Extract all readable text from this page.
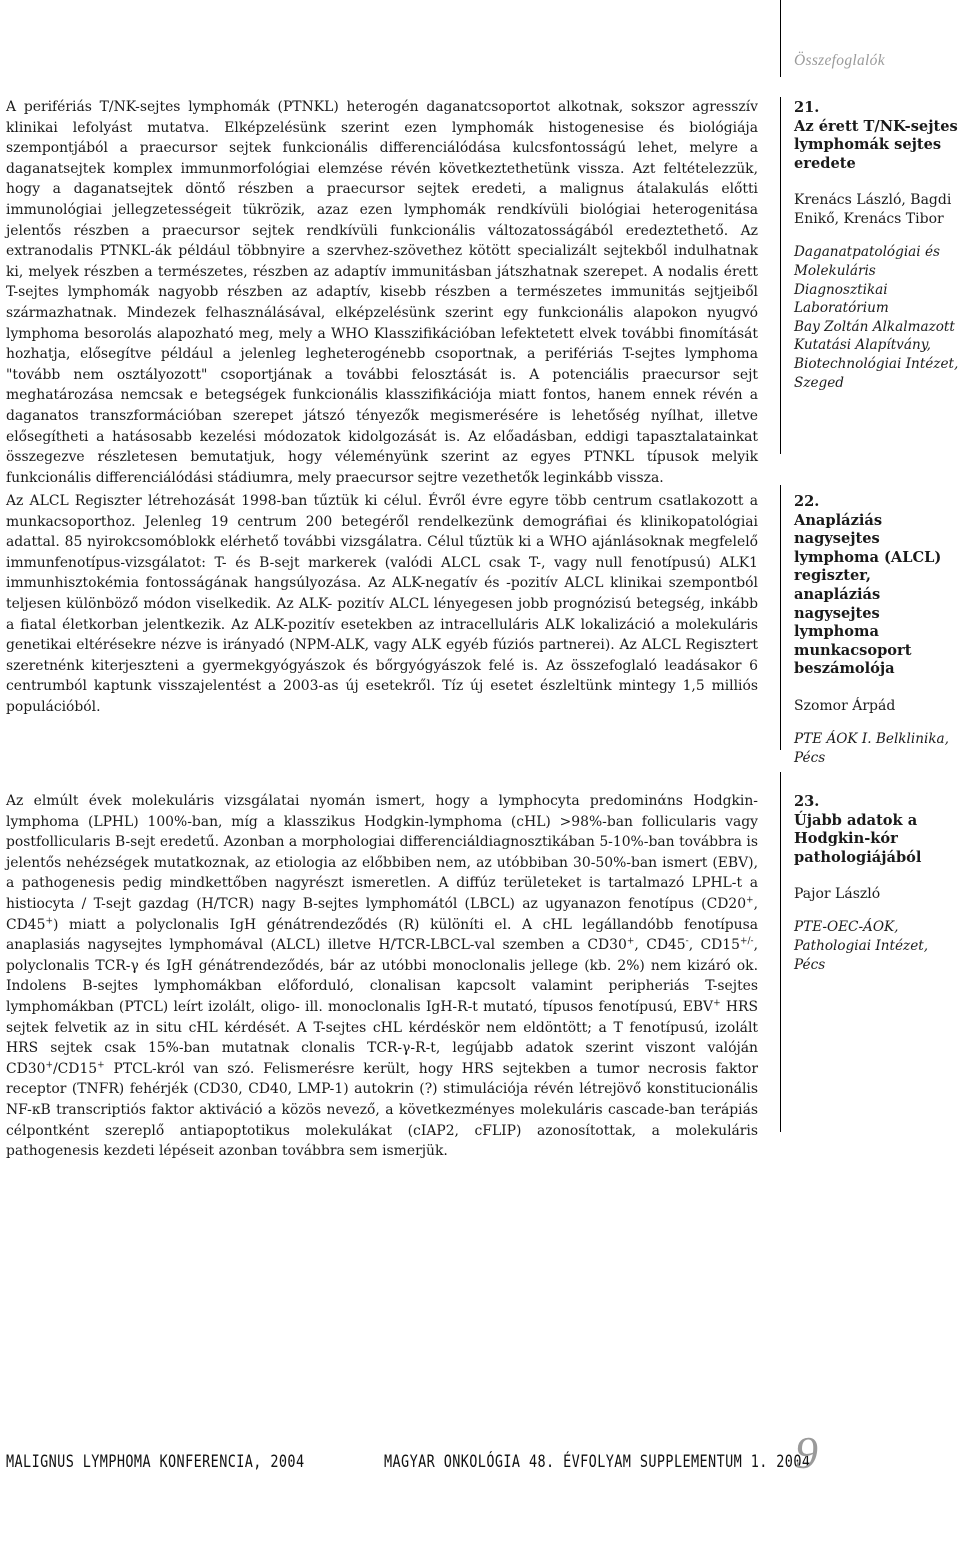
Összefoglalók

A perifériás T/NK-sejtes lymphomák (PTNKL) heterogén daganatcsoportot alkotnak, sokszor agresszív klinikai lefolyást mutatva. Elképzelésünk szerint ezen lymphomák histogenesise és biológiája szempontjából a praecursor sejtek funkcionális differenciálódása kulcsfontosságú lehet, melyre a daganatsejtek komplex immunmorfológiai elemzése révén következtethetünk vissza. Azt feltételezzük, hogy a daganatsejtek döntő részben a praecursor sejtek eredeti, a malignus átalakulás előtti immunológiai jellegzetességeit tükrözik, azaz ezen lymphomák rendkívüli biológiai heterogenitása jelentős részben a praecursor sejtek rendkívüli funkcionális változatosságából eredeztethető. Az extranodalis PTNKL-ák például többnyire a szervhez-szövethez kötött specializált sejtekből indulhatnak ki, melyek részben a természetes, részben az adaptív immunitásban játszhatnak szerepet. A nodalis érett T-sejtes lymphomák nagyobb részben az adaptív, kisebb részben a természetes immunitás sejtjeiből származhatnak. Mindezek felhasználásával, elképzelésünk szerint egy funkcionális alapokon nyugvó lymphoma besorolás alapozható meg, mely a WHO Klasszifikációban lefektetett elvek további finomítását hozhatja, elősegítve például a jelenleg legheterogénebb csoportnak, a perifériás T-sejtes lymphoma "tovább nem osztályozott" csoportjának a további felosztását is. A potenciális praecursor sejt meghatározása nemcsak e betegségek funkcionális klasszifikációja miatt fontos, hanem ennek révén a daganatos transzformációban szerepet játszó tényezők megismerésére is lehetőség nyílhat, illetve elősegítheti a hatásosabb kezelési módozatok kidolgozását is. Az előadásban, eddigi tapasztalatainkat összegezve részletesen bemutatjuk, hogy véleményünk szerint az egyes PTNKL típusok melyik funkcionális differenciálódási stádiumra, mely praecursor sejtre vezethetők leginkább vissza.

21.
Az érett T/NK-sejtes lymphomák sejtes eredete
Krenács László, Bagdi Enikő, Krenács Tibor
Daganatpatológiai és Molekuláris Diagnosztikai Laboratórium
Bay Zoltán Alkalmazott Kutatási Alapítvány, Biotechnológiai Intézet, Szeged

Az ALCL Regiszter létrehozását 1998-ban tűztük ki célul. Évről évre egyre több centrum csatlakozott a munkacsoporthoz. Jelenleg 19 centrum 200 betegéről rendelkezünk demográfiai és klinikopatológiai adattal. 85 nyirokcsomóblokk elérhető további vizsgálatra. Célul tűztük ki a WHO ajánlásoknak megfelelő immunfenotípus-vizsgálatot: T- és B-sejt markerek (valódi ALCL csak T-, vagy null fenotípusú) ALK1 immunhisztokémia fontosságának hangsúlyozása. Az ALK-negatív és -pozitív ALCL klinikai szempontból teljesen különböző módon viselkedik. Az ALK- pozitív ALCL lényegesen jobb prognózisú betegség, inkább a fiatal életkorban jelentkezik. Az ALK-pozitív esetekben az intracelluláris ALK lokalizáció a molekuláris genetikai eltérésekre nézve is irányadó (NPM-ALK, vagy ALK egyéb fúziós partnerei). Az ALCL Regisztert szeretnénk kiterjeszteni a gyermekgyógyászok és bőrgyógyászok felé is. Az összefoglaló leadásakor 6 centrumból kaptunk visszajelentést a 2003-as új esetekről. Tíz új esetet észleltünk mintegy 1,5 milliós populációból.

22.
Anapláziás nagysejtes lymphoma (ALCL) regiszter, anapláziás nagysejtes lymphoma munkacsoport beszámolója
Szomor Árpád
PTE ÁOK I. Belklinika, Pécs

Az elmúlt évek molekuláris vizsgálatai nyomán ismert, hogy a lymphocyta predominάns Hodgkin-lymphoma (LPHL) 100%-ban, míg a klasszikus Hodgkin-lymphoma (cHL) >98%-ban follicularis vagy postfollicularis B-sejt eredetű. Azonban a morphologiai differenciáldiagnosztikában 5-10%-ban továbbra is jelentős nehézségek mutatkoznak, az etiologia az előbbiben nem, az utóbbiban 30-50%-ban ismert (EBV), a pathogenesis pedig mindkettőben nagyrészt ismeretlen. A diffúz területeket is tartalmazó LPHL-t a histiocyta / T-sejt gazdag (H/TCR) nagy B-sejtes lymphomától (LBCL) az ugyanazon fenotípus (CD20+, CD45+) miatt a polyclonalis IgH génátrendeződés (R) különíti el. A cHL legállandóbb fenotípusa anaplasiás nagysejtes lymphomával (ALCL) illetve H/TCR-LBCL-val szemben a CD30+, CD45-, CD15+/-, polyclonalis TCR-γ és IgH génátrendeződés, bár az utóbbi monoclonalis jellege (kb. 2%) nem kizáró ok. Indolens B-sejtes lymphomákban előforduló, clonalisan kapcsolt valamint peripheriás T-sejtes lymphomákban (PTCL) leírt izolált, oligo- ill. monoclonalis IgH-R-t mutató, típusos fenotípusú, EBV+ HRS sejtek felvetik az in situ cHL kérdését. A T-sejtes cHL kérdéskör nem eldöntött; a T fenotípusú, izolált HRS sejtek csak 15%-ban mutatnak clonalis TCR-γ-R-t, legújabb adatok szerint viszont valóján CD30+/CD15+ PTCL-król van szó. Felismerésre került, hogy HRS sejtekben a tumor necrosis faktor receptor (TNFR) fehérjék (CD30, CD40, LMP-1) autokrin (?) stimulációja révén létrejövő konstitucionális NF-κB transcriptiós faktor aktiváció a közös nevező, a következményes molekuláris cascade-ban terápiás célpontként szereplő antiapoptotikus molekulákat (cIAP2, cFLIP) azonosítottak, a molekuláris pathogenesis kezdeti lépéseit azonban továbbra sem ismerjük.

23.
Újabb adatok a Hodgkin-kór pathologiájából
Pajor László
PTE-OEC-ÁOK, Pathologiai Intézet, Pécs
MALIGNUS LYMPHOMA KONFERENCIA, 2004	MAGYAR ONKOLÓGIA 48. ÉVFOLYAM SUPPLEMENTUM 1. 2004
9
